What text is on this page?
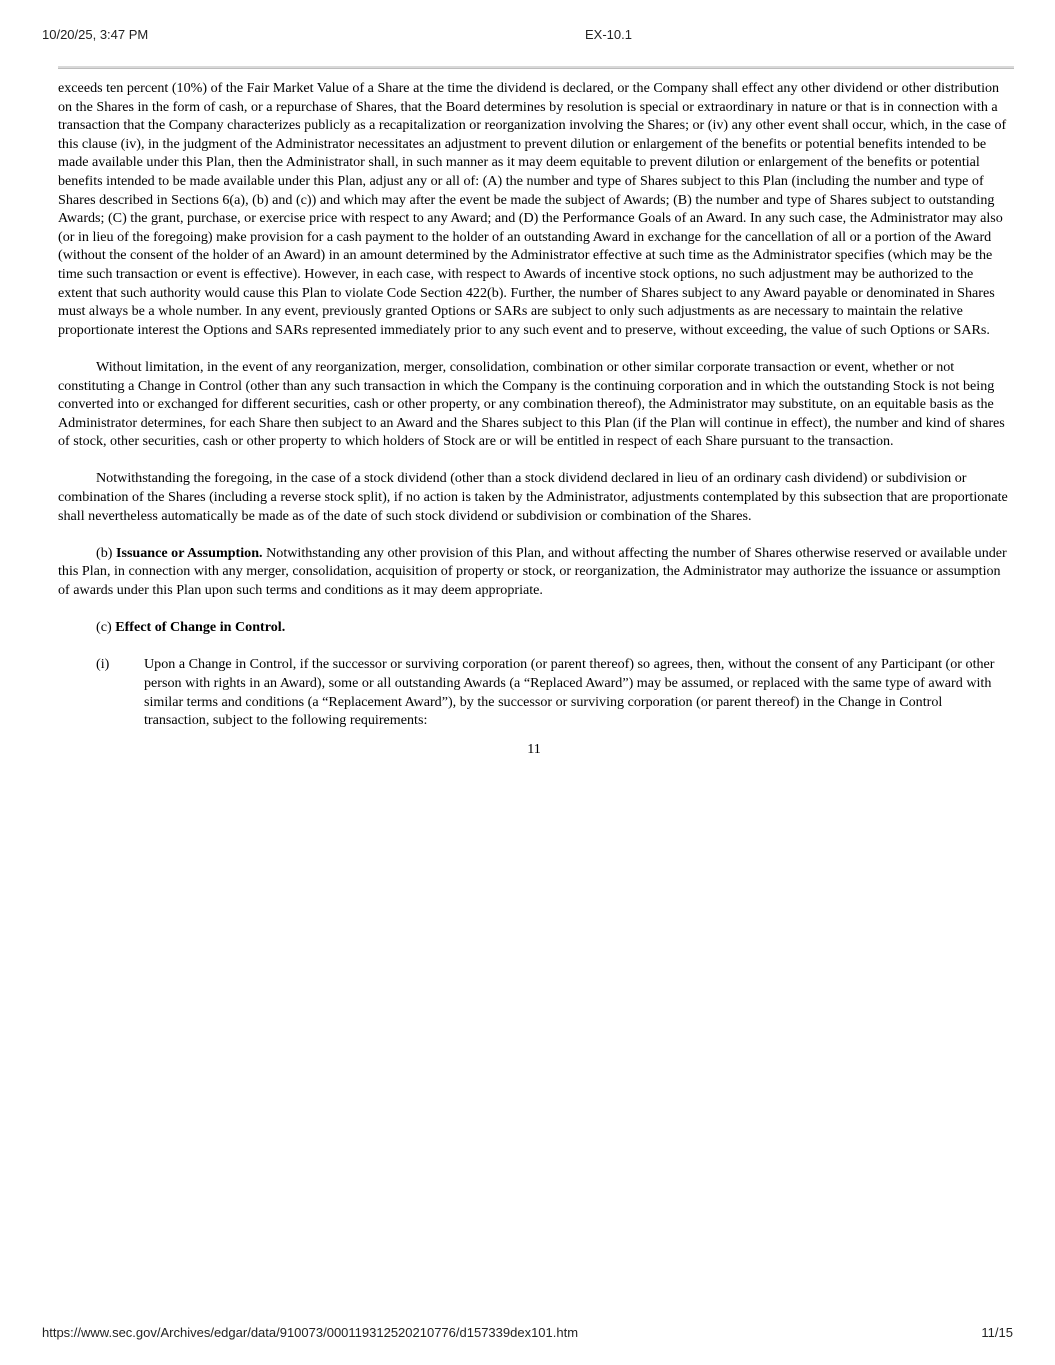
10/20/25, 3:47 PM	EX-10.1

exceeds ten percent (10%) of the Fair Market Value of a Share at the time the dividend is declared, or the Company shall effect any other dividend or other distribution on the Shares in the form of cash, or a repurchase of Shares, that the Board determines by resolution is special or extraordinary in nature or that is in connection with a transaction that the Company characterizes publicly as a recapitalization or reorganization involving the Shares; or (iv) any other event shall occur, which, in the case of this clause (iv), in the judgment of the Administrator necessitates an adjustment to prevent dilution or enlargement of the benefits or potential benefits intended to be made available under this Plan, then the Administrator shall, in such manner as it may deem equitable to prevent dilution or enlargement of the benefits or potential benefits intended to be made available under this Plan, adjust any or all of: (A) the number and type of Shares subject to this Plan (including the number and type of Shares described in Sections 6(a), (b) and (c)) and which may after the event be made the subject of Awards; (B) the number and type of Shares subject to outstanding Awards; (C) the grant, purchase, or exercise price with respect to any Award; and (D) the Performance Goals of an Award. In any such case, the Administrator may also (or in lieu of the foregoing) make provision for a cash payment to the holder of an outstanding Award in exchange for the cancellation of all or a portion of the Award (without the consent of the holder of an Award) in an amount determined by the Administrator effective at such time as the Administrator specifies (which may be the time such transaction or event is effective). However, in each case, with respect to Awards of incentive stock options, no such adjustment may be authorized to the extent that such authority would cause this Plan to violate Code Section 422(b). Further, the number of Shares subject to any Award payable or denominated in Shares must always be a whole number. In any event, previously granted Options or SARs are subject to only such adjustments as are necessary to maintain the relative proportionate interest the Options and SARs represented immediately prior to any such event and to preserve, without exceeding, the value of such Options or SARs.

Without limitation, in the event of any reorganization, merger, consolidation, combination or other similar corporate transaction or event, whether or not constituting a Change in Control (other than any such transaction in which the Company is the continuing corporation and in which the outstanding Stock is not being converted into or exchanged for different securities, cash or other property, or any combination thereof), the Administrator may substitute, on an equitable basis as the Administrator determines, for each Share then subject to an Award and the Shares subject to this Plan (if the Plan will continue in effect), the number and kind of shares of stock, other securities, cash or other property to which holders of Stock are or will be entitled in respect of each Share pursuant to the transaction.

Notwithstanding the foregoing, in the case of a stock dividend (other than a stock dividend declared in lieu of an ordinary cash dividend) or subdivision or combination of the Shares (including a reverse stock split), if no action is taken by the Administrator, adjustments contemplated by this subsection that are proportionate shall nevertheless automatically be made as of the date of such stock dividend or subdivision or combination of the Shares.

(b) Issuance or Assumption. Notwithstanding any other provision of this Plan, and without affecting the number of Shares otherwise reserved or available under this Plan, in connection with any merger, consolidation, acquisition of property or stock, or reorganization, the Administrator may authorize the issuance or assumption of awards under this Plan upon such terms and conditions as it may deem appropriate.

(c) Effect of Change in Control.

(i) Upon a Change in Control, if the successor or surviving corporation (or parent thereof) so agrees, then, without the consent of any Participant (or other person with rights in an Award), some or all outstanding Awards (a “Replaced Award”) may be assumed, or replaced with the same type of award with similar terms and conditions (a “Replacement Award”), by the successor or surviving corporation (or parent thereof) in the Change in Control transaction, subject to the following requirements:
11
https://www.sec.gov/Archives/edgar/data/910073/000119312520210776/d157339dex101.htm	11/15
